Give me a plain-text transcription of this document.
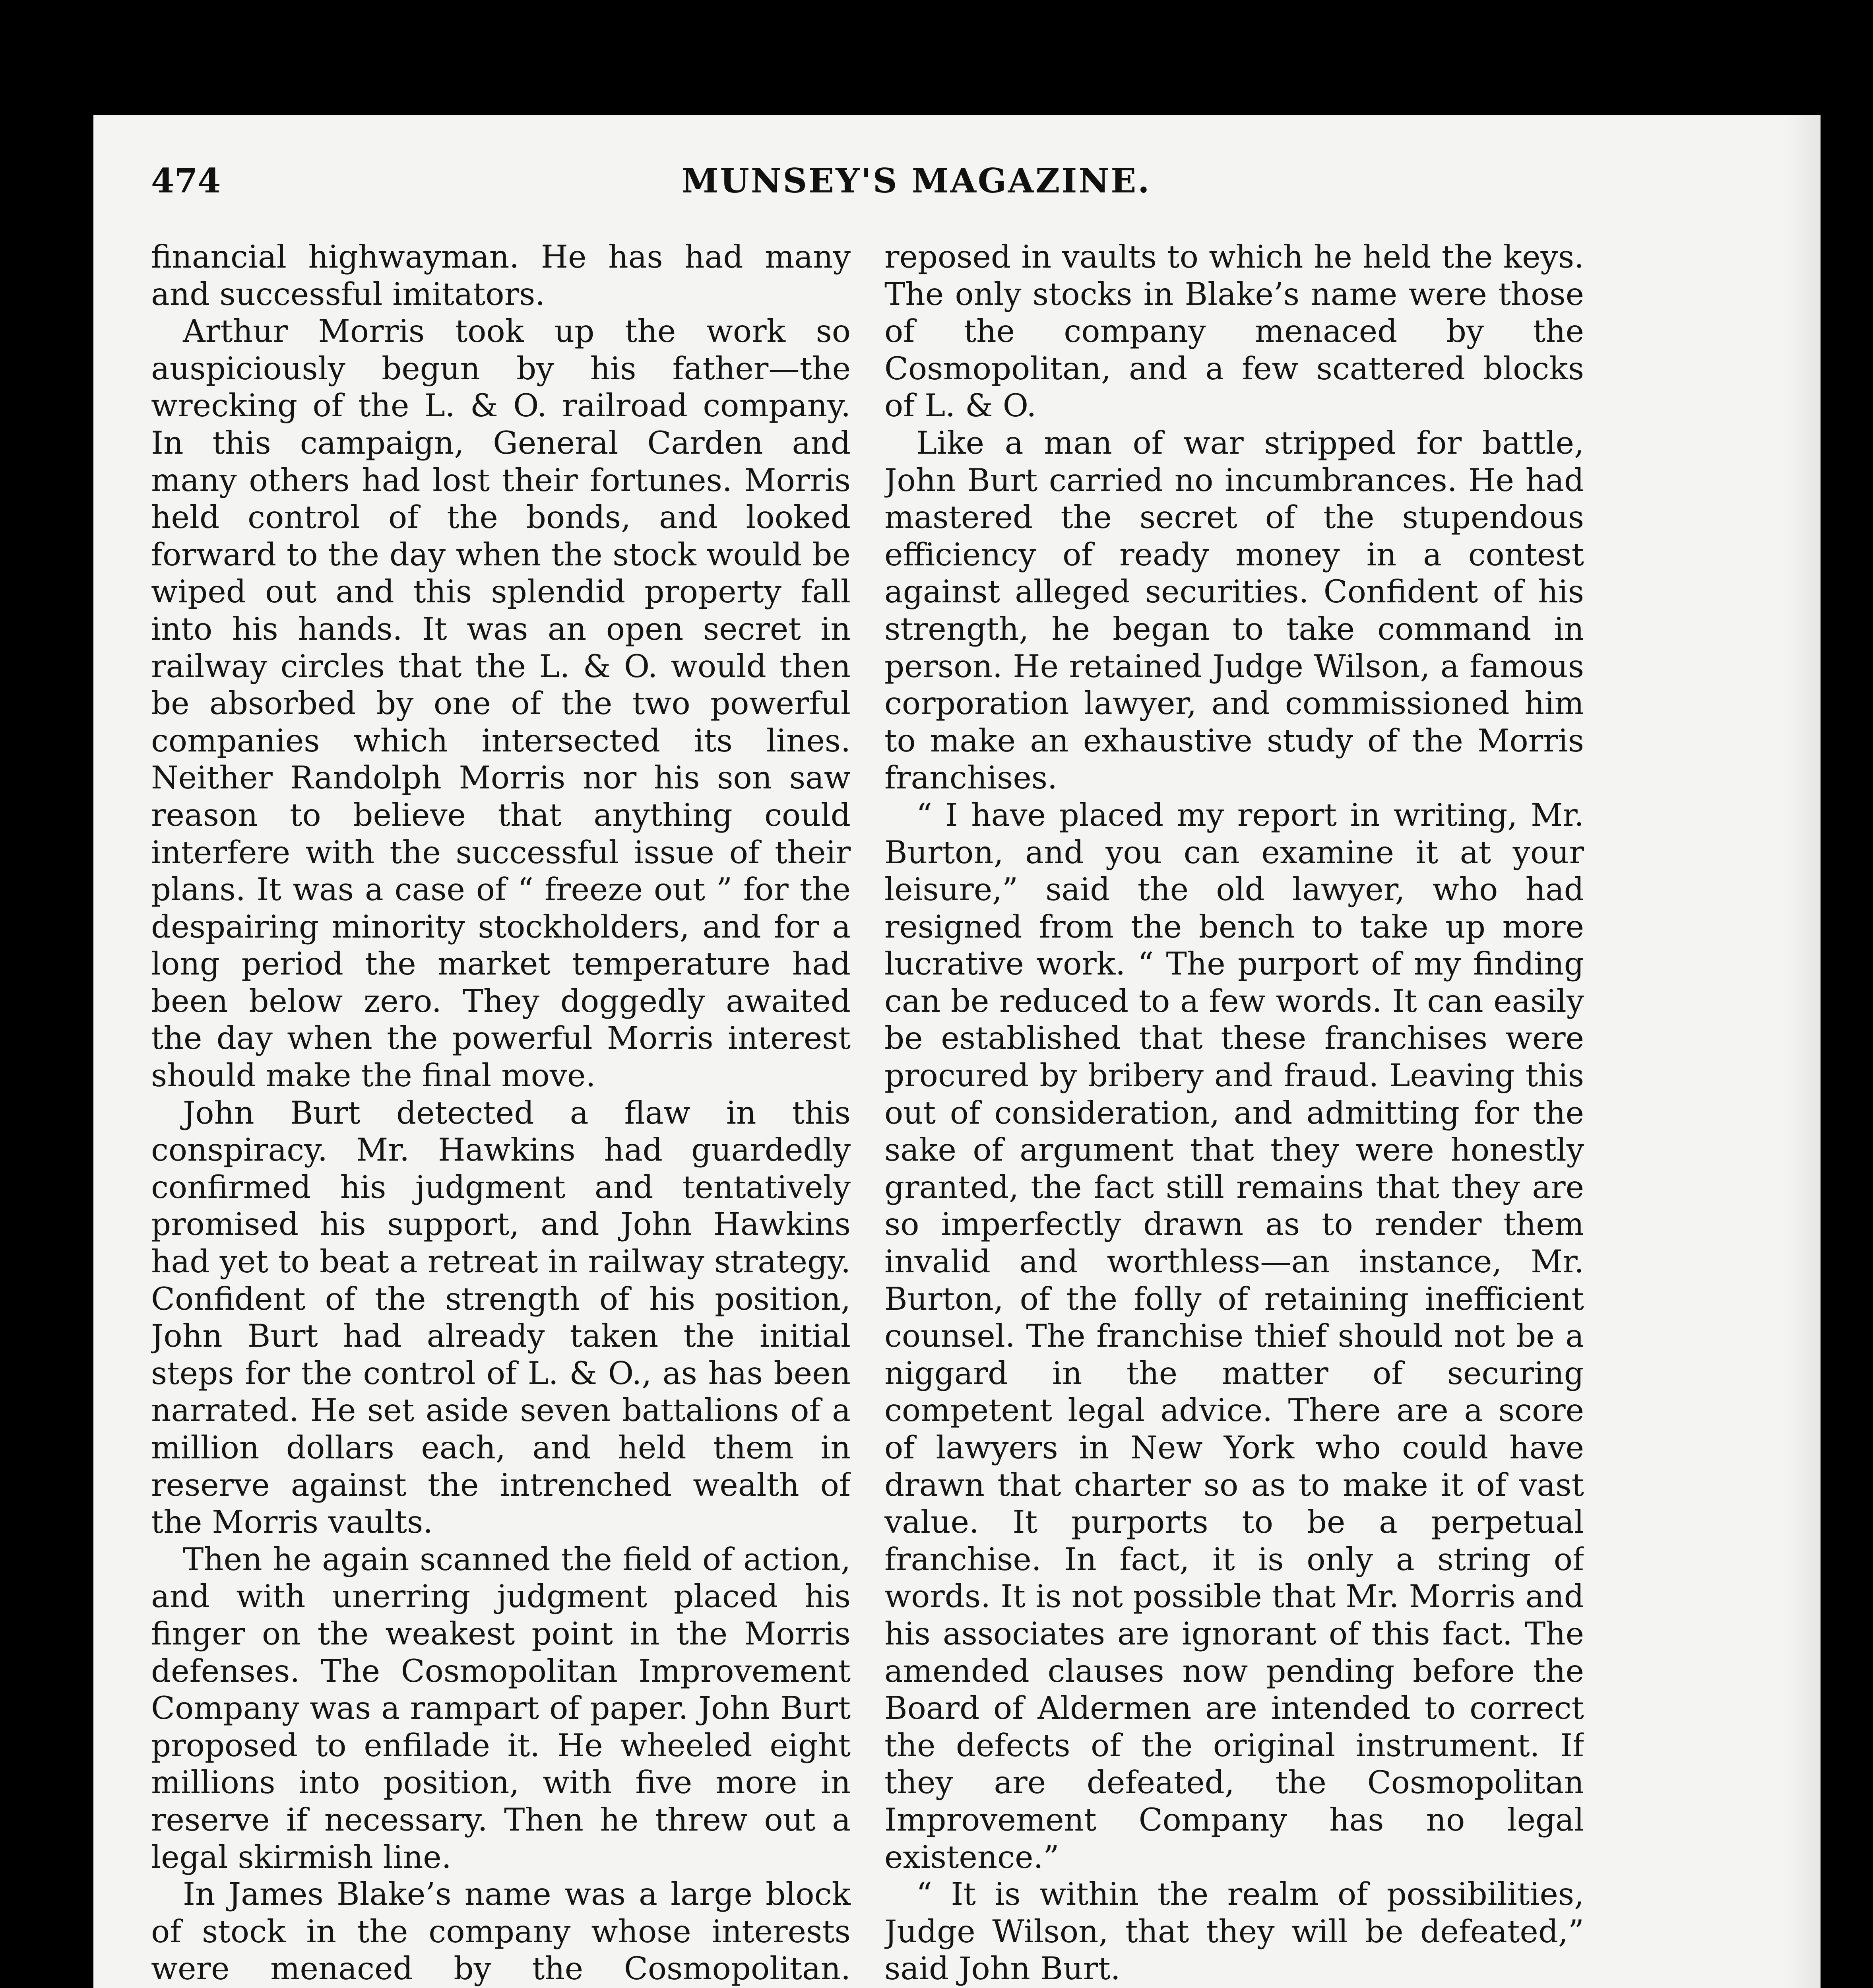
474	MUNSEY'S MAGAZINE.

financial highwayman. He has had many and successful imitators.

Arthur Morris took up the work so auspiciously begun by his father—the wrecking of the L. & O. railroad company. In this campaign, General Carden and many others had lost their fortunes. Morris held control of the bonds, and looked forward to the day when the stock would be wiped out and this splendid property fall into his hands. It was an open secret in railway circles that the L. & O. would then be absorbed by one of the two powerful companies which intersected its lines. Neither Randolph Morris nor his son saw reason to believe that anything could interfere with the successful issue of their plans. It was a case of “ freeze out ” for the despairing minority stockholders, and for a long period the market temperature had been below zero. They doggedly awaited the day when the powerful Morris interest should make the final move.

John Burt detected a flaw in this conspiracy. Mr. Hawkins had guardedly confirmed his judgment and tentatively promised his support, and John Hawkins had yet to beat a retreat in railway strategy. Confident of the strength of his position, John Burt had already taken the initial steps for the control of L. & O., as has been narrated. He set aside seven battalions of a million dollars each, and held them in reserve against the intrenched wealth of the Morris vaults.

Then he again scanned the field of action, and with unerring judgment placed his finger on the weakest point in the Morris defenses. The Cosmopolitan Improvement Company was a rampart of paper. John Burt proposed to enfilade it. He wheeled eight millions into position, with five more in reserve if necessary. Then he threw out a legal skirmish line.

In James Blake’s name was a large block of stock in the company whose interests were menaced by the Cosmopolitan.

reposed in vaults to which he held the keys. The only stocks in Blake’s name were those of the company menaced by the Cosmopolitan, and a few scattered blocks of L. & O.

Like a man of war stripped for battle, John Burt carried no incumbrances. He had mastered the secret of the stupendous efficiency of ready money in a contest against alleged securities. Confident of his strength, he began to take command in person. He retained Judge Wilson, a famous corporation lawyer, and commissioned him to make an exhaustive study of the Morris franchises.

“ I have placed my report in writing, Mr. Burton, and you can examine it at your leisure,” said the old lawyer, who had resigned from the bench to take up more lucrative work. “ The purport of my finding can be reduced to a few words. It can easily be established that these franchises were procured by bribery and fraud. Leaving this out of consideration, and admitting for the sake of argument that they were honestly granted, the fact still remains that they are so imperfectly drawn as to render them invalid and worthless—an instance, Mr. Burton, of the folly of retaining inefficient counsel. The franchise thief should not be a niggard in the matter of securing competent legal advice. There are a score of lawyers in New York who could have drawn that charter so as to make it of vast value. It purports to be a perpetual franchise. In fact, it is only a string of words. It is not possible that Mr. Morris and his associates are ignorant of this fact. The amended clauses now pending before the Board of Aldermen are intended to correct the defects of the original instrument. If they are defeated, the Cosmopolitan Improvement Company has no legal existence.”

“ It is within the realm of possibilities, Judge Wilson, that they will be defeated,” said John Burt.
